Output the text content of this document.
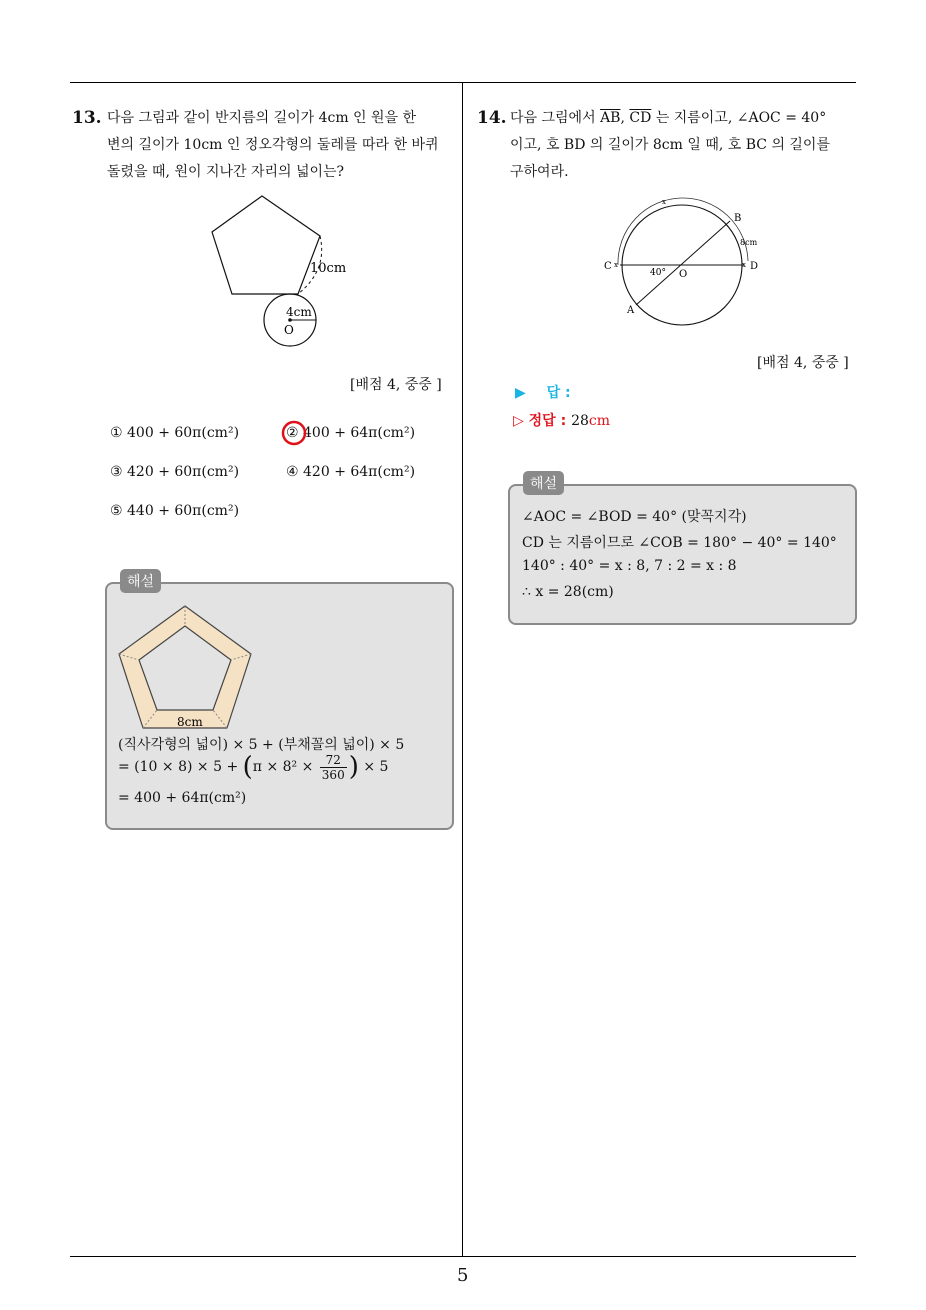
13. 다음 그림과 같이 반지름의 길이가 4cm 인 원을 한
변의 길이가 10cm 인 정오각형의 둘레를 따라 한 바퀴
돌렸을 때, 원이 지나간 자리의 넓이는?
10cm
4cm
O
[배점 4, 중중 ]
① 400 + 60π(cm²)	② 400 + 64π(cm²)
③ 420 + 60π(cm²)	④ 420 + 64π(cm²)
⑤ 440 + 60π(cm²)
해설
8cm
(직사각형의 넓이) × 5 + (부채꼴의 넓이) × 5
= $(10 \times 8) \times 5 + (\pi \times 8^2 \times \frac{72}{360}$ ) × 5
= 400 + 64π(cm²)
14. 다음 그림에서 $\overline{AB}$, $\overline{CD}$ 는 지름이고, ∠AOC = 40°
이고, 호 BD 의 길이가 8cm 일 때, 호 BC 의 길이를
구하여라.
A
B
C	D
O
40°
8cm
x
x	x
[배점 4, 중중 ]
▶ 답 :
▷ 정답 : 28cm
해설
∠AOC = ∠BOD = 40° (맞꼭지각)
CD 는 지름이므로 ∠COB = 180° − 40° = 140°
140° : 40° = x : 8, 7 : 2 = x : 8
∴ x = 28(cm)
5
